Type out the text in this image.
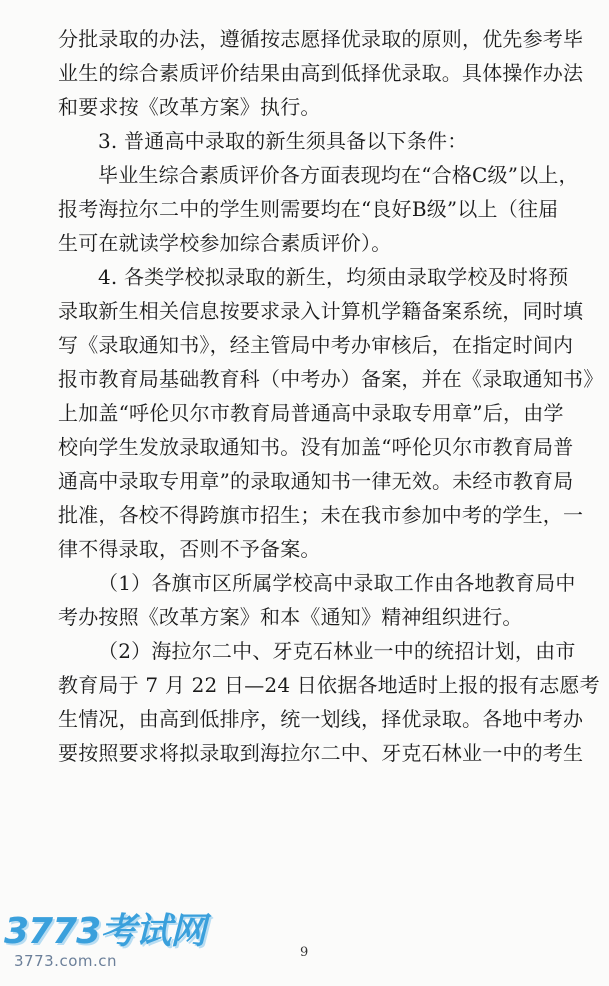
分批录取的办法，遵循按志愿择优录取的原则，优先参考毕
业生的综合素质评价结果由高到低择优录取。具体操作办法
和要求按《改革方案》执行。
3. 普通高中录取的新生须具备以下条件：
毕业生综合素质评价各方面表现均在“合格C级”以上，
报考海拉尔二中的学生则需要均在“良好B级”以上（往届
生可在就读学校参加综合素质评价）。
4. 各类学校拟录取的新生，均须由录取学校及时将预
录取新生相关信息按要求录入计算机学籍备案系统，同时填
写《录取通知书》，经主管局中考办审核后，在指定时间内
报市教育局基础教育科（中考办）备案，并在《录取通知书》
上加盖“呼伦贝尔市教育局普通高中录取专用章”后，由学
校向学生发放录取通知书。没有加盖“呼伦贝尔市教育局普
通高中录取专用章”的录取通知书一律无效。未经市教育局
批准，各校不得跨旗市招生；未在我市参加中考的学生，一
律不得录取，否则不予备案。
（1）各旗市区所属学校高中录取工作由各地教育局中
考办按照《改革方案》和本《通知》精神组织进行。
（2）海拉尔二中、牙克石林业一中的统招计划，由市
教育局于 7 月 22 日—24 日依据各地适时上报的报有志愿考
生情况，由高到低排序，统一划线，择优录取。各地中考办
要按照要求将拟录取到海拉尔二中、牙克石林业一中的考生
9
3773考试网
3773.com.cn
